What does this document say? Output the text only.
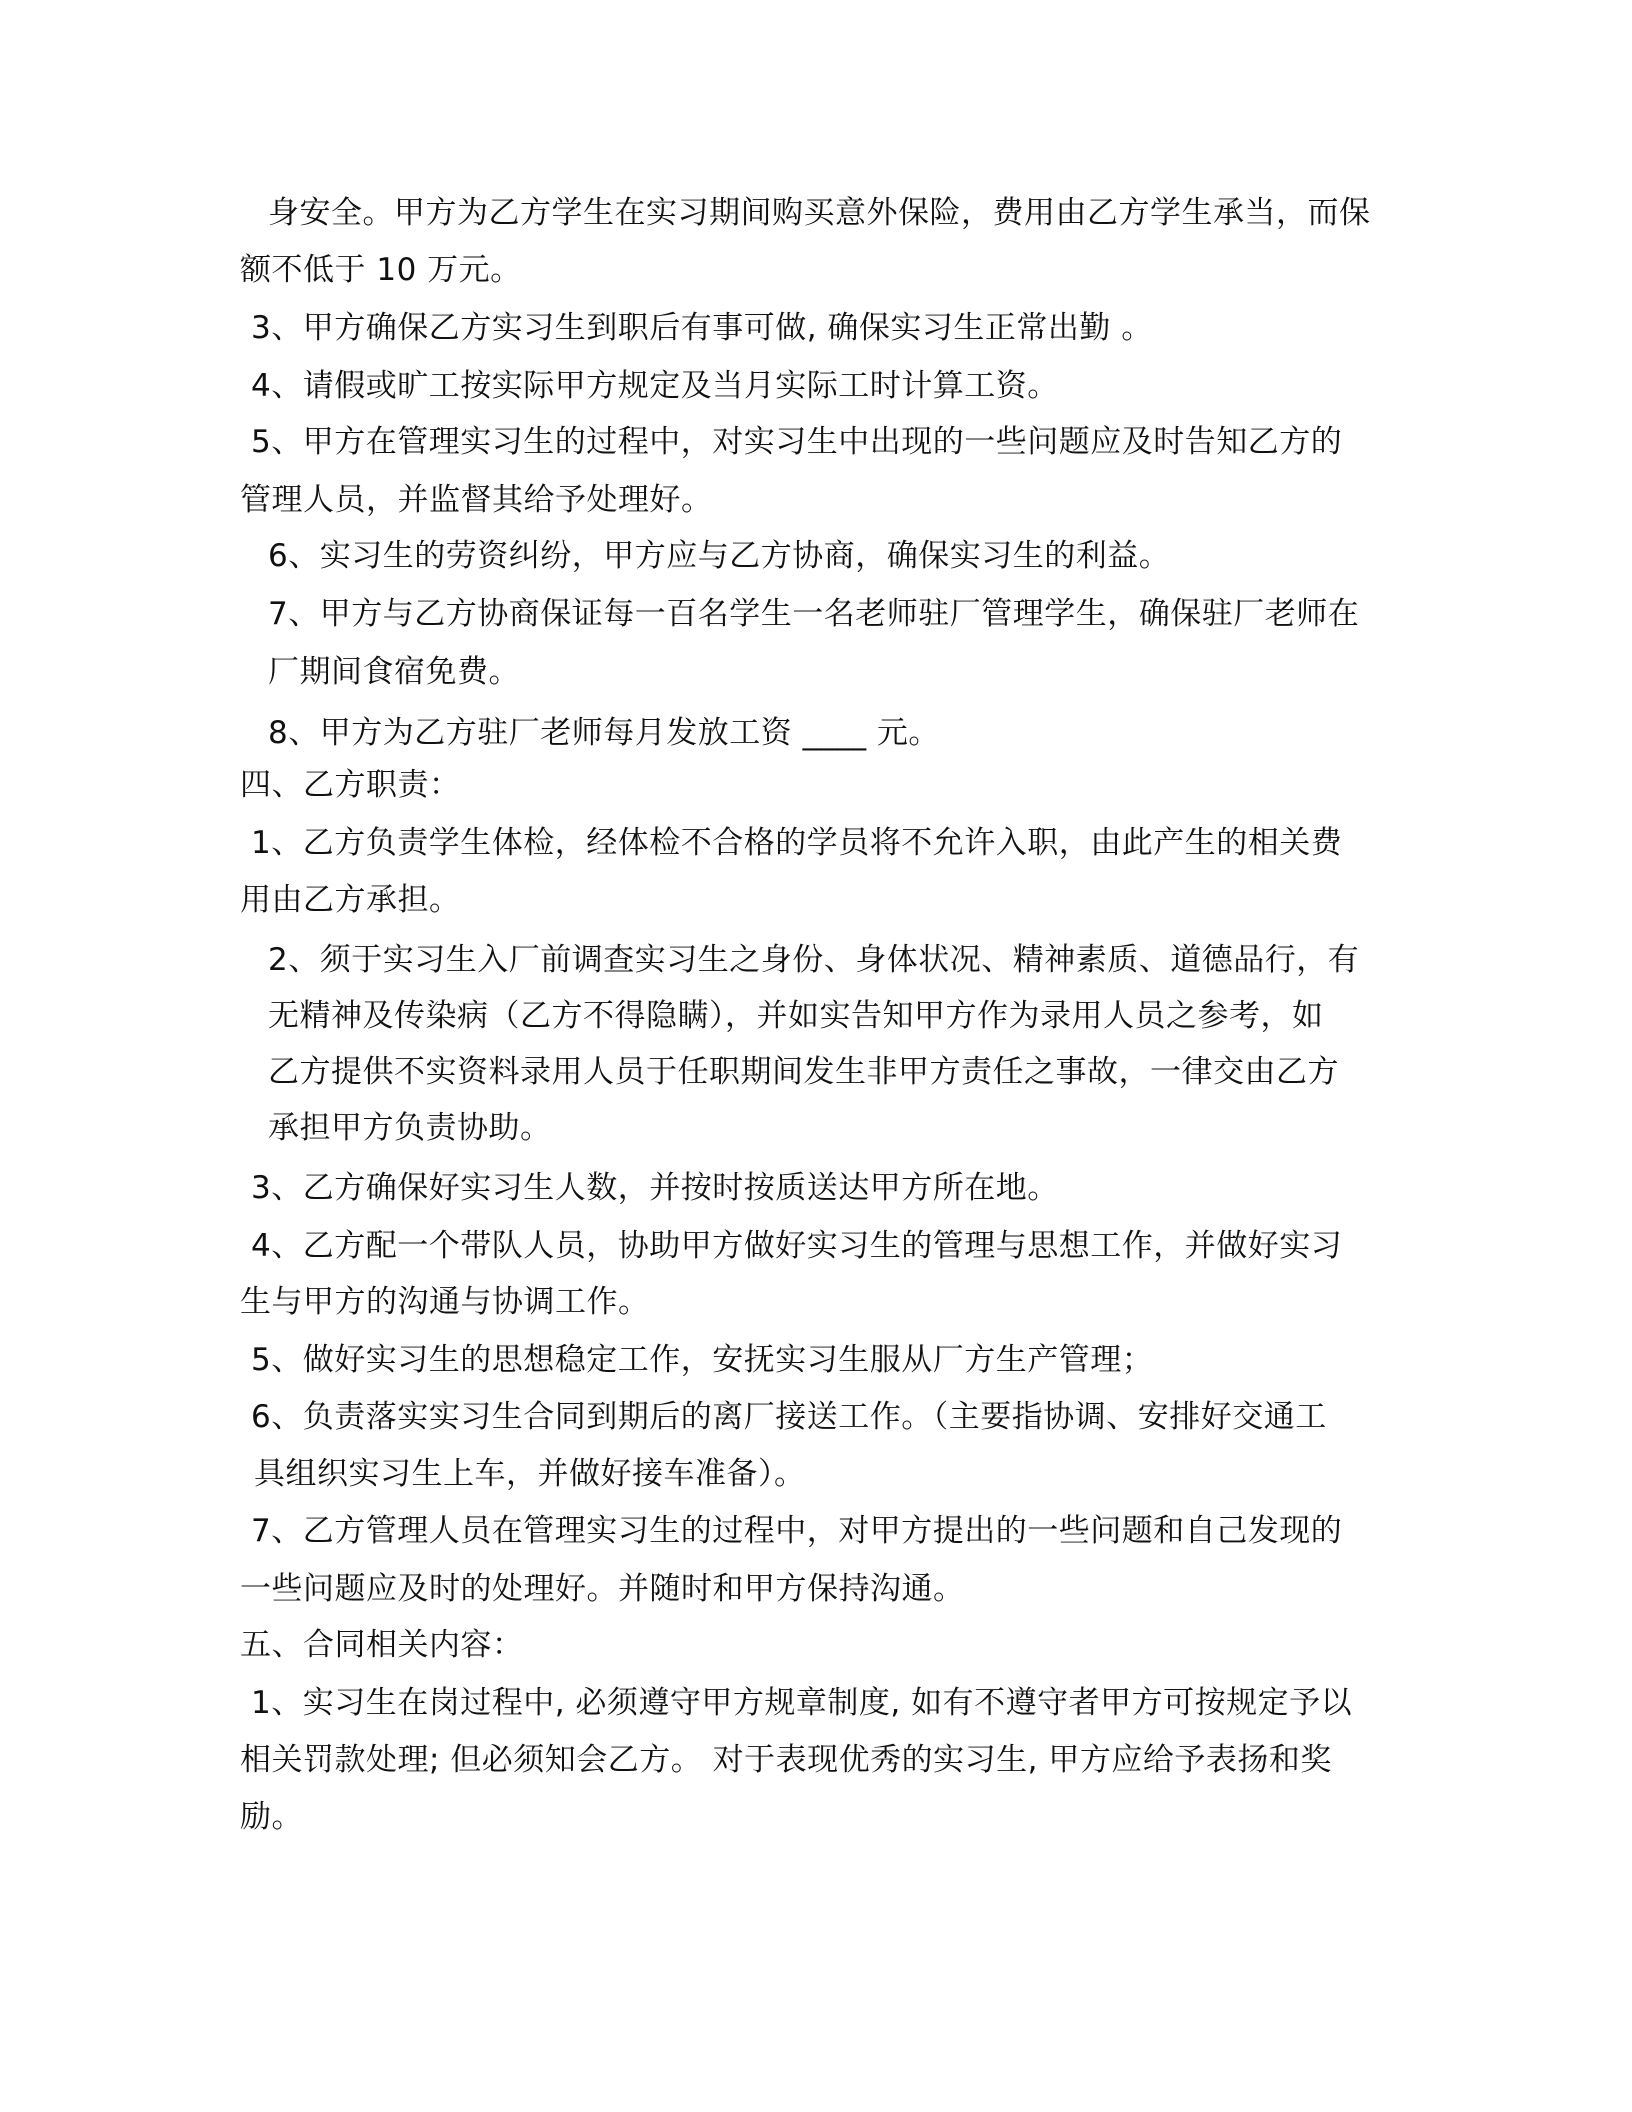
身安全。甲方为乙方学生在实习期间购买意外保险，费用由乙方学生承当，而保
额不低于 10 万元。
3、甲方确保乙方实习生到职后有事可做, 确保实习生正常出勤 。
4、请假或旷工按实际甲方规定及当月实际工时计算工资。
5、甲方在管理实习生的过程中，对实习生中出现的一些问题应及时告知乙方的
管理人员，并监督其给予处理好。
6、实习生的劳资纠纷，甲方应与乙方协商，确保实习生的利益。
7、甲方与乙方协商保证每一百名学生一名老师驻厂管理学生，确保驻厂老师在
厂期间食宿免费。
8、甲方为乙方驻厂老师每月发放工资 ____ 元。
四、乙方职责：
1、乙方负责学生体检，经体检不合格的学员将不允许入职，由此产生的相关费
用由乙方承担。
2、须于实习生入厂前调查实习生之身份、身体状况、精神素质、道德品行，有
无精神及传染病（乙方不得隐瞒），并如实告知甲方作为录用人员之参考，如
乙方提供不实资料录用人员于任职期间发生非甲方责任之事故，一律交由乙方
承担甲方负责协助。
3、乙方确保好实习生人数，并按时按质送达甲方所在地。
4、乙方配一个带队人员，协助甲方做好实习生的管理与思想工作，并做好实习
生与甲方的沟通与协调工作。
5、做好实习生的思想稳定工作，安抚实习生服从厂方生产管理；
6、负责落实实习生合同到期后的离厂接送工作。（主要指协调、安排好交通工
具组织实习生上车，并做好接车准备）。
7、乙方管理人员在管理实习生的过程中，对甲方提出的一些问题和自己发现的
一些问题应及时的处理好。并随时和甲方保持沟通。
五、合同相关内容：
1、实习生在岗过程中, 必须遵守甲方规章制度, 如有不遵守者甲方可按规定予以
相关罚款处理; 但必须知会乙方。 对于表现优秀的实习生, 甲方应给予表扬和奖
励。
